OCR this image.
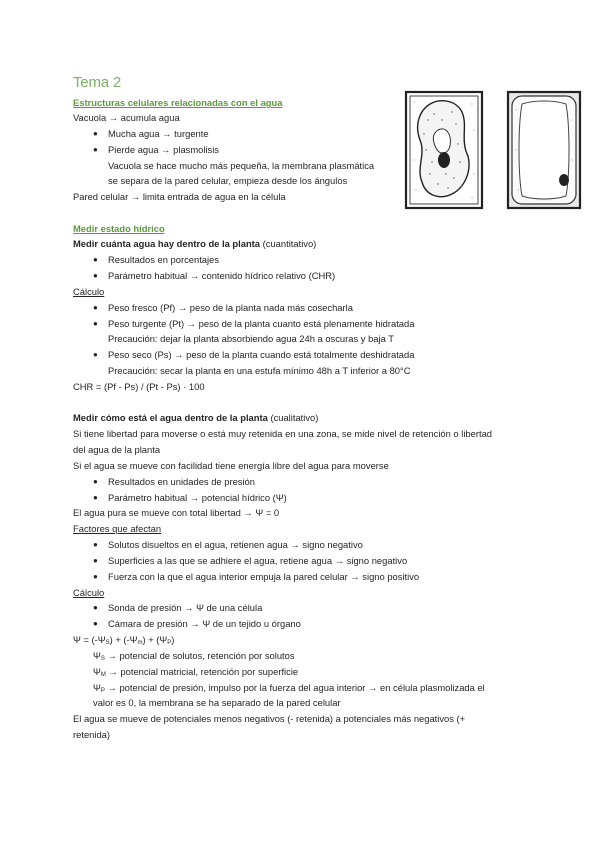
Tema 2
Estructuras celulares relacionadas con el agua
Vacuola → acumula agua
● Mucha agua → turgente
● Pierde agua → plasmolisis
Vacuola se hace mucho más pequeña, la membrana plasmática
se separa de la pared celular, empieza desde los ángulos
Pared celular → limita entrada de agua en la célula
Medir estado hídrico
Medir cuánta agua hay dentro de la planta (cuantitativo)
● Resultados en porcentajes
● Parámetro habitual → contenido hídrico relativo (CHR)
Cálculo
● Peso fresco (Pf) → peso de la planta nada más cosecharla
● Peso turgente (Pt) → peso de la planta cuanto está plenamente hidratada
Precaución: dejar la planta absorbiendo agua 24h a oscuras y baja T
● Peso seco (Ps) → peso de la planta cuando está totalmente deshidratada
Precaución: secar la planta en una estufa mínimo 48h a T inferior a 80°C
CHR = (Pf - Ps) / (Pt - Ps) · 100
Medir cómo está el agua dentro de la planta (cualitativo)
Si tiene libertad para moverse o está muy retenida en una zona, se mide nivel de retención o libertad
del agua de la planta
Si el agua se mueve con facilidad tiene energía libre del agua para moverse
● Resultados en unidades de presión
● Parámetro habitual → potencial hídrico (Ψ)
El agua pura se mueve con total libertad → Ψ = 0
Factores que afectan
● Solutos disueltos en el agua, retienen agua → signo negativo
● Superficies a las que se adhiere el agua, retiene agua → signo negativo
● Fuerza con la que el agua interior empuja la pared celular → signo positivo
Cálculo
● Sonda de presión → Ψ de una célula
● Cámara de presión → Ψ de un tejido u órgano
$\Psi = (-\Psi_S) + (-\Psi_m) + (\Psi_P)$
$\Psi_S$ → potencial de solutos, retención por solutos
$\Psi_M$ → potencial matricial, retención por superficie
$\Psi_P$ → potencial de presión, impulso por la fuerza del agua interior → en célula plasmolizada el
valor es 0, la membrana se ha separado de la pared celular
El agua se mueve de potenciales menos negativos (- retenida) a potenciales más negativos (+
retenida)
